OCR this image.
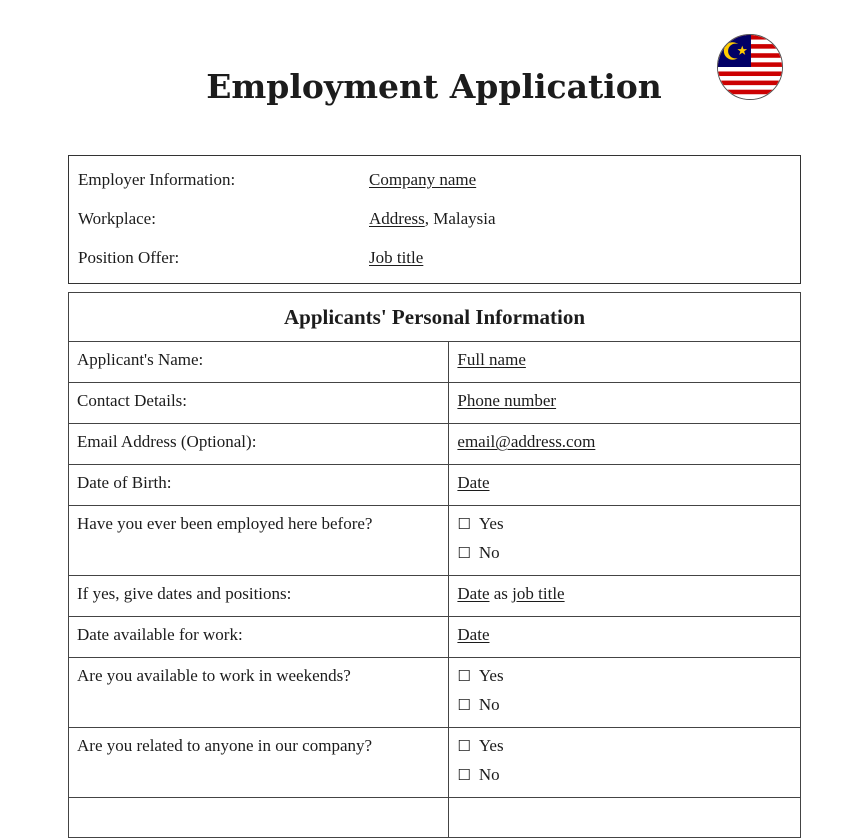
Employment Application
Employer Information:	Company name
Workplace:	Address, Malaysia
Position Offer:	Job title
Applicants' Personal Information	

Applicant's Name:	Full name

Contact Details:	Phone number

Email Address (Optional):	email@address.com

Date of Birth:	Date

Have you ever been employed here before?	☐ Yes
☐ No

If yes, give dates and positions:	Date as job title

Date available for work:	Date

Are you available to work in weekends?	☐ Yes
☐ No

Are you related to anyone in our company?	☐ Yes
☐ No
